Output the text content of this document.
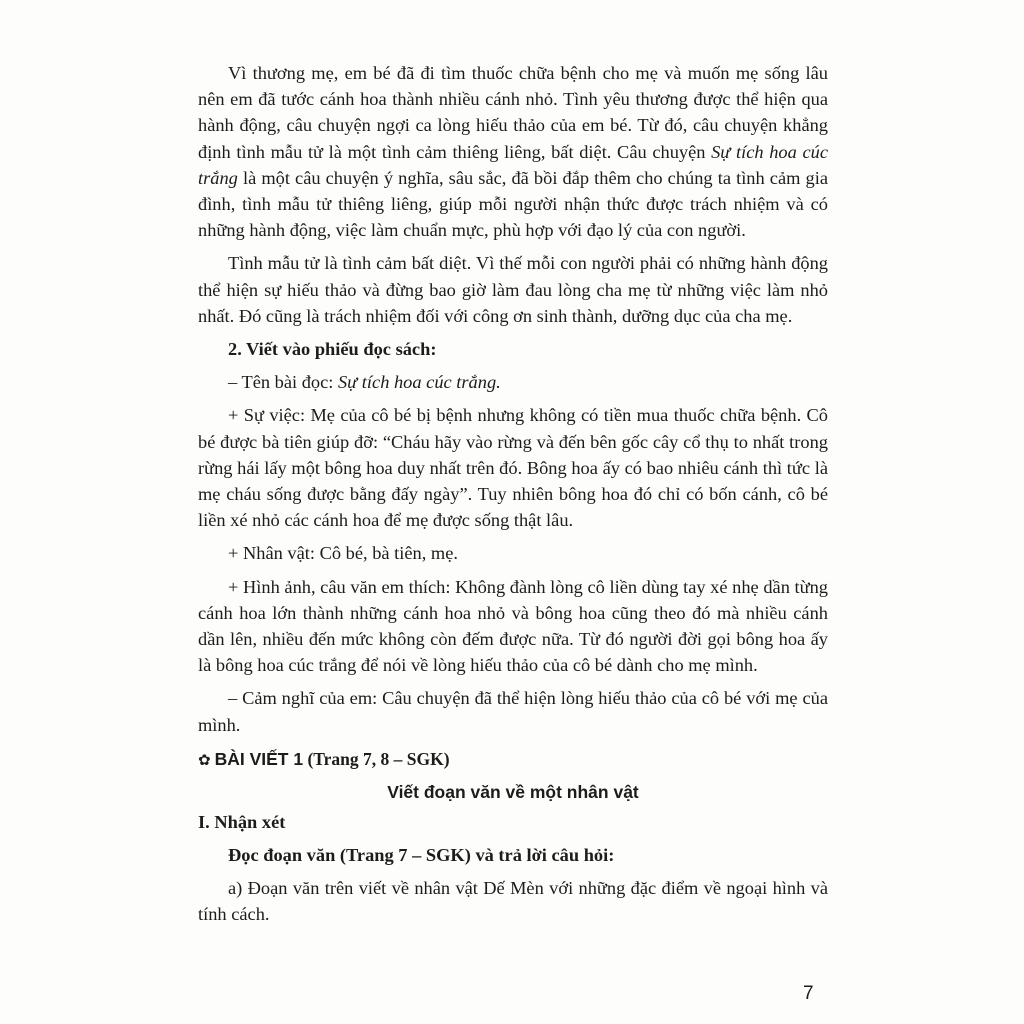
Vì thương mẹ, em bé đã đi tìm thuốc chữa bệnh cho mẹ và muốn mẹ sống lâu nên em đã tước cánh hoa thành nhiều cánh nhỏ. Tình yêu thương được thể hiện qua hành động, câu chuyện ngợi ca lòng hiếu thảo của em bé. Từ đó, câu chuyện khẳng định tình mẫu tử là một tình cảm thiêng liêng, bất diệt. Câu chuyện Sự tích hoa cúc trắng là một câu chuyện ý nghĩa, sâu sắc, đã bồi đắp thêm cho chúng ta tình cảm gia đình, tình mẫu tử thiêng liêng, giúp mỗi người nhận thức được trách nhiệm và có những hành động, việc làm chuẩn mực, phù hợp với đạo lý của con người.

Tình mẫu tử là tình cảm bất diệt. Vì thế mỗi con người phải có những hành động thể hiện sự hiếu thảo và đừng bao giờ làm đau lòng cha mẹ từ những việc làm nhỏ nhất. Đó cũng là trách nhiệm đối với công ơn sinh thành, dưỡng dục của cha mẹ.

2. Viết vào phiếu đọc sách:

– Tên bài đọc: Sự tích hoa cúc trắng.

+ Sự việc: Mẹ của cô bé bị bệnh nhưng không có tiền mua thuốc chữa bệnh. Cô bé được bà tiên giúp đỡ: “Cháu hãy vào rừng và đến bên gốc cây cổ thụ to nhất trong rừng hái lấy một bông hoa duy nhất trên đó. Bông hoa ấy có bao nhiêu cánh thì tức là mẹ cháu sống được bằng đấy ngày”. Tuy nhiên bông hoa đó chỉ có bốn cánh, cô bé liền xé nhỏ các cánh hoa để mẹ được sống thật lâu.

+ Nhân vật: Cô bé, bà tiên, mẹ.

+ Hình ảnh, câu văn em thích: Không đành lòng cô liền dùng tay xé nhẹ dần từng cánh hoa lớn thành những cánh hoa nhỏ và bông hoa cũng theo đó mà nhiều cánh dần lên, nhiều đến mức không còn đếm được nữa. Từ đó người đời gọi bông hoa ấy là bông hoa cúc trắng để nói về lòng hiếu thảo của cô bé dành cho mẹ mình.

– Cảm nghĩ của em: Câu chuyện đã thể hiện lòng hiếu thảo của cô bé với mẹ của mình.

✿ BÀI VIẾT 1 (Trang 7, 8 – SGK)

Viết đoạn văn về một nhân vật

I. Nhận xét

Đọc đoạn văn (Trang 7 – SGK) và trả lời câu hỏi:

a) Đoạn văn trên viết về nhân vật Dế Mèn với những đặc điểm về ngoại hình và tính cách.

7
